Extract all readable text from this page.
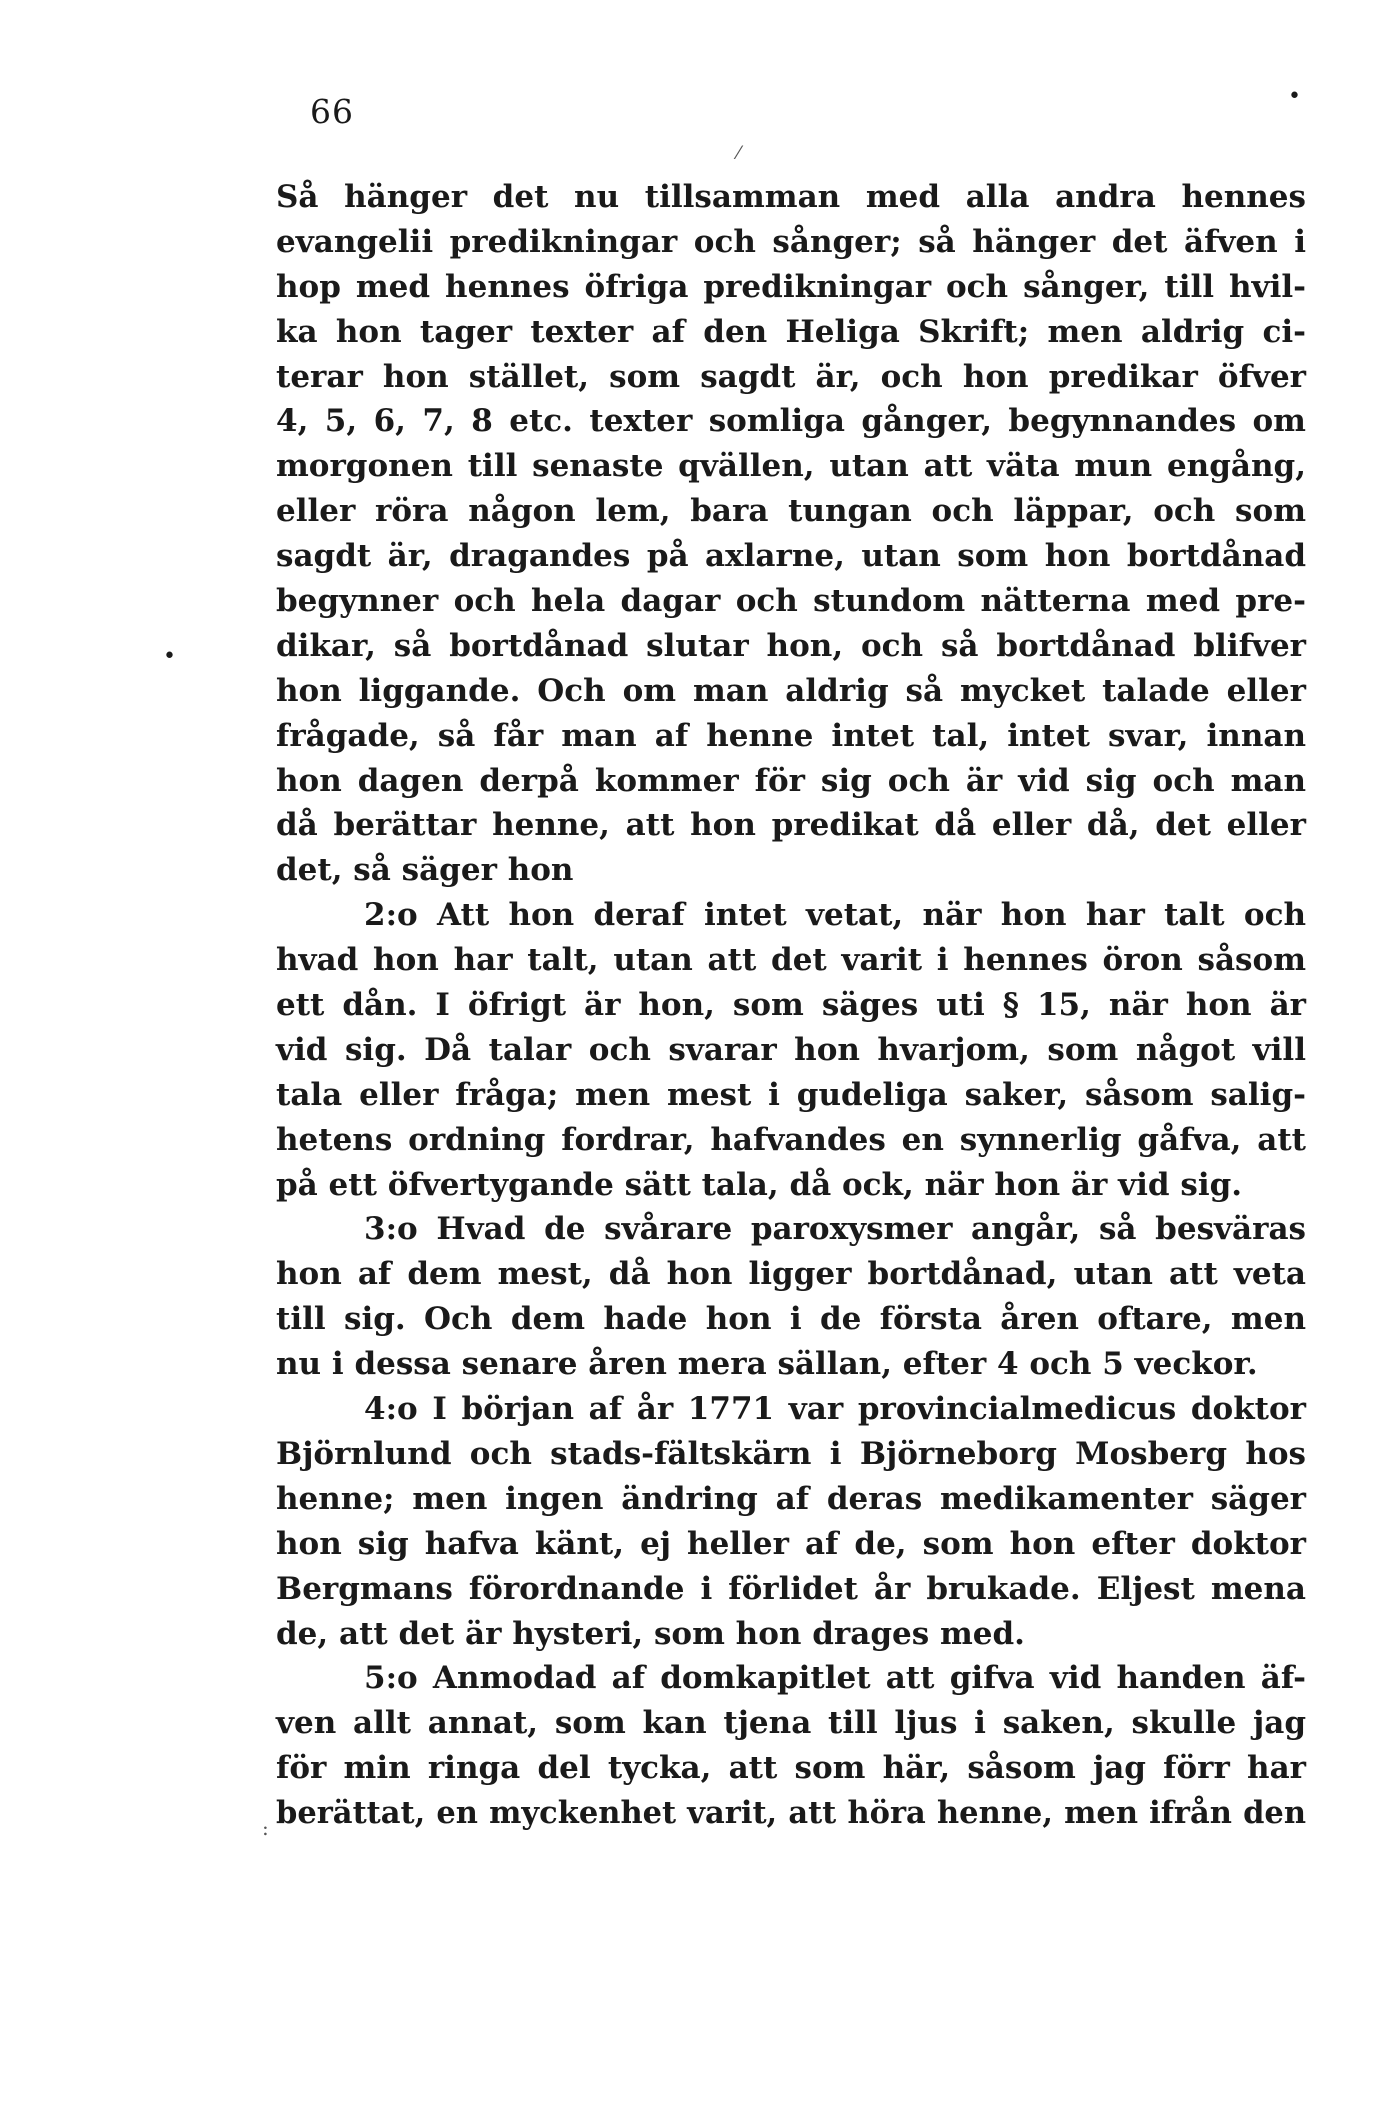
66	•
⁄
•
:
Så hänger det nu tillsamman med alla andra hennes
evangelii predikningar och sånger; så hänger det äfven i
hop med hennes öfriga predikningar och sånger, till hvil-
ka hon tager texter af den Heliga Skrift; men aldrig ci-
terar hon stället, som sagdt är, och hon predikar öfver
4, 5, 6, 7, 8 etc. texter somliga gånger, begynnandes om
morgonen till senaste qvällen, utan att väta mun engång,
eller röra någon lem, bara tungan och läppar, och som
sagdt är, dragandes på axlarne, utan som hon bortdånad
begynner och hela dagar och stundom nätterna med pre-
dikar, så bortdånad slutar hon, och så bortdånad blifver
hon liggande. Och om man aldrig så mycket talade eller
frågade, så får man af henne intet tal, intet svar, innan
hon dagen derpå kommer för sig och är vid sig och man
då berättar henne, att hon predikat då eller då, det eller
det, så säger hon
2:o Att hon deraf intet vetat, när hon har talt och
hvad hon har talt, utan att det varit i hennes öron såsom
ett dån. I öfrigt är hon, som säges uti § 15, när hon är
vid sig. Då talar och svarar hon hvarjom, som något vill
tala eller fråga; men mest i gudeliga saker, såsom salig-
hetens ordning fordrar, hafvandes en synnerlig gåfva, att
på ett öfvertygande sätt tala, då ock, när hon är vid sig.
3:o Hvad de svårare paroxysmer angår, så besväras
hon af dem mest, då hon ligger bortdånad, utan att veta
till sig. Och dem hade hon i de första åren oftare, men
nu i dessa senare åren mera sällan, efter 4 och 5 veckor.
4:o I början af år 1771 var provincialmedicus doktor
Björnlund och stads-fältskärn i Björneborg Mosberg hos
henne; men ingen ändring af deras medikamenter säger
hon sig hafva känt, ej heller af de, som hon efter doktor
Bergmans förordnande i förlidet år brukade. Eljest mena
de, att det är hysteri, som hon drages med.
5:o Anmodad af domkapitlet att gifva vid handen äf-
ven allt annat, som kan tjena till ljus i saken, skulle jag
för min ringa del tycka, att som här, såsom jag förr har
berättat, en myckenhet varit, att höra henne, men ifrån den
